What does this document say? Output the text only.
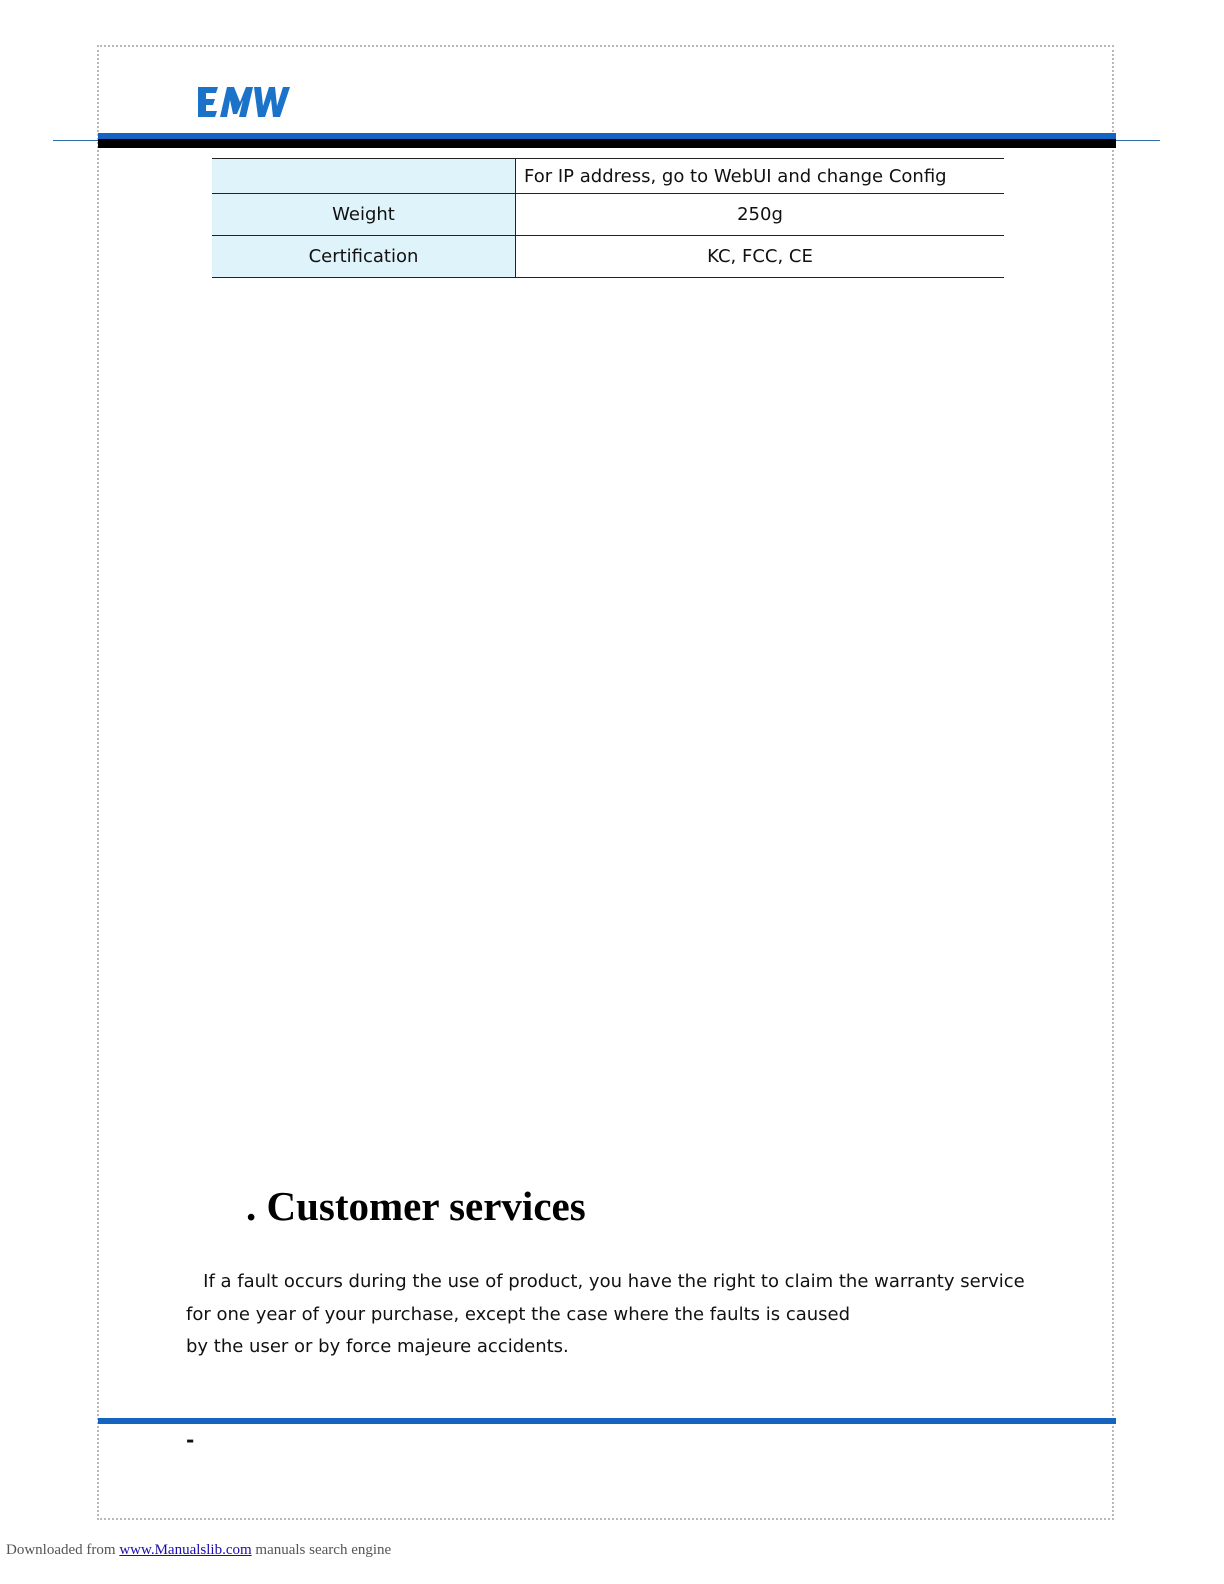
	For IP address, go to WebUI and change Config
Weight	250g
Certification	KC, FCC, CE
. Customer services

If a fault occurs during the use of product, you have the right to claim the warranty service

for one year of your purchase, except the case where the faults is caused

by the user or by force majeure accidents.

-
Downloaded from www.Manualslib.com manuals search engine
